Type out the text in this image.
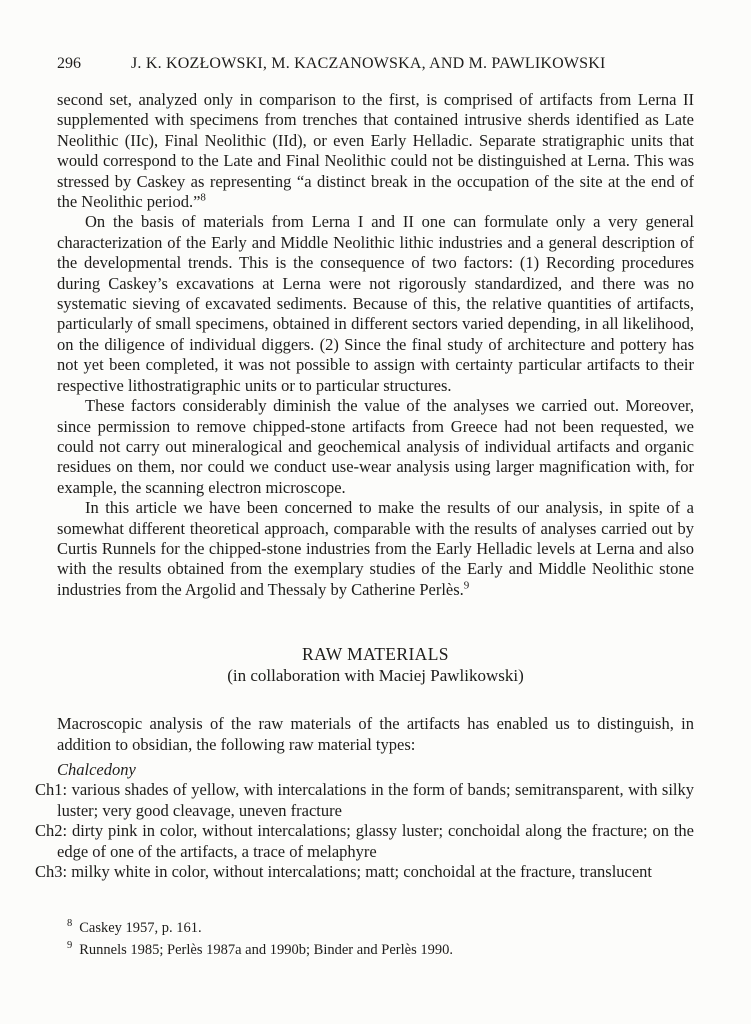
296	J. K. KOZŁOWSKI, M. KACZANOWSKA, AND M. PAWLIKOWSKI

second set, analyzed only in comparison to the first, is comprised of artifacts from Lerna II supplemented with specimens from trenches that contained intrusive sherds identified as Late Neolithic (IIc), Final Neolithic (IId), or even Early Helladic. Separate stratigraphic units that would correspond to the Late and Final Neolithic could not be distinguished at Lerna. This was stressed by Caskey as representing “a distinct break in the occupation of the site at the end of the Neolithic period.”$^8$

On the basis of materials from Lerna I and II one can formulate only a very general characterization of the Early and Middle Neolithic lithic industries and a general description of the developmental trends. This is the consequence of two factors: (1) Recording procedures during Caskey’s excavations at Lerna were not rigorously standardized, and there was no systematic sieving of excavated sediments. Because of this, the relative quantities of artifacts, particularly of small specimens, obtained in different sectors varied depending, in all likelihood, on the diligence of individual diggers. (2) Since the final study of architecture and pottery has not yet been completed, it was not possible to assign with certainty particular artifacts to their respective lithostratigraphic units or to particular structures.

These factors considerably diminish the value of the analyses we carried out. Moreover, since permission to remove chipped-stone artifacts from Greece had not been requested, we could not carry out mineralogical and geochemical analysis of individual artifacts and organic residues on them, nor could we conduct use-wear analysis using larger magnification with, for example, the scanning electron microscope.

In this article we have been concerned to make the results of our analysis, in spite of a somewhat different theoretical approach, comparable with the results of analyses carried out by Curtis Runnels for the chipped-stone industries from the Early Helladic levels at Lerna and also with the results obtained from the exemplary studies of the Early and Middle Neolithic stone industries from the Argolid and Thessaly by Catherine Perlès.$^9$

RAW MATERIALS

(in collaboration with Maciej Pawlikowski)

Macroscopic analysis of the raw materials of the artifacts has enabled us to distinguish, in addition to obsidian, the following raw material types:

Chalcedony

Ch1: various shades of yellow, with intercalations in the form of bands; semitransparent, with silky luster; very good cleavage, uneven fracture

Ch2: dirty pink in color, without intercalations; glassy luster; conchoidal along the fracture; on the edge of one of the artifacts, a trace of melaphyre

Ch3: milky white in color, without intercalations; matt; conchoidal at the fracture, translucent

$^8$ Caskey 1957, p. 161.

$^9$ Runnels 1985; Perlès 1987a and 1990b; Binder and Perlès 1990.
